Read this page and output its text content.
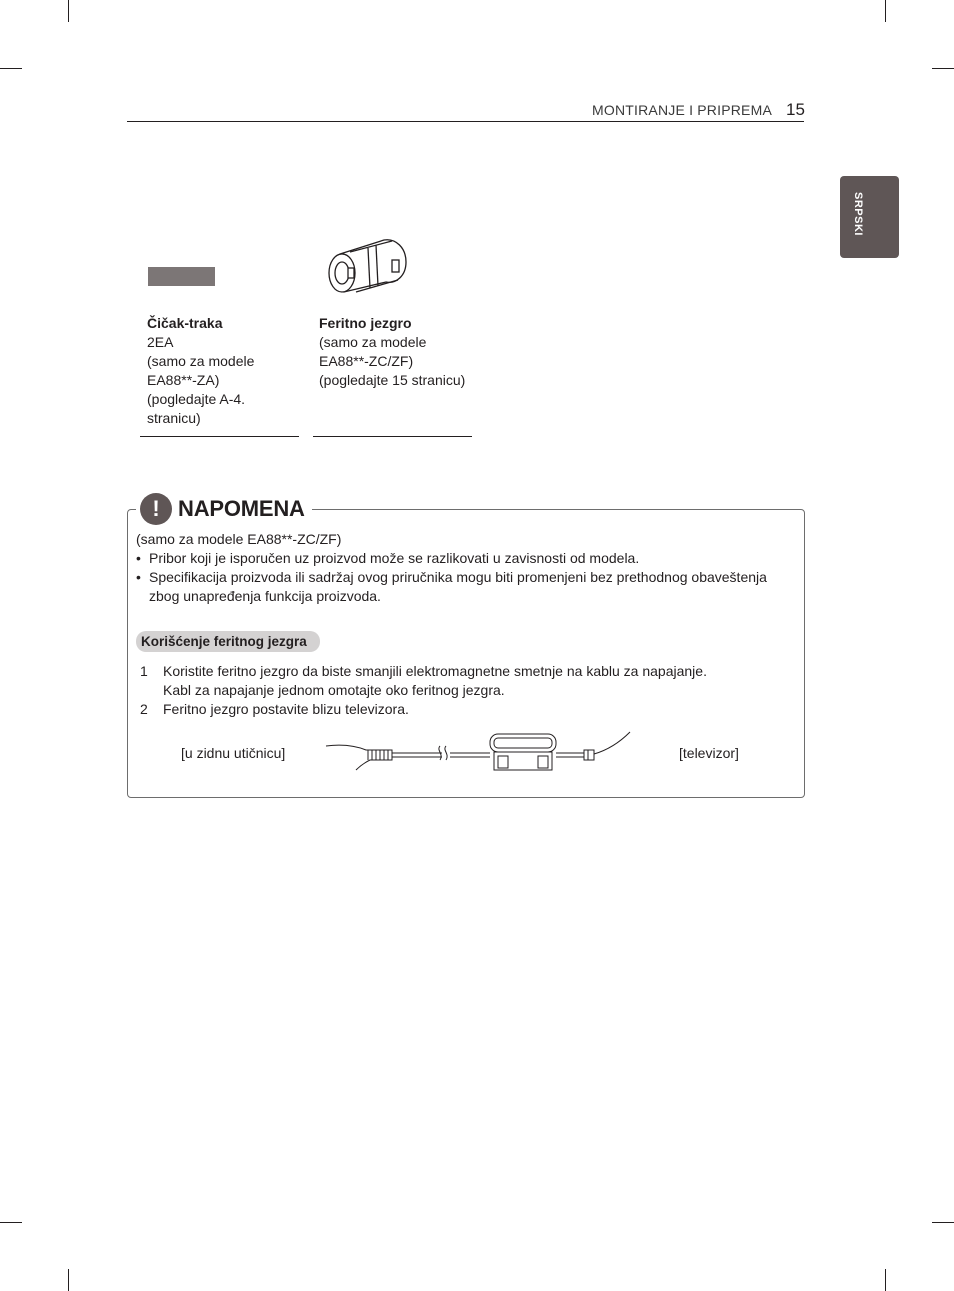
MONTIRANJE I PRIPREMA 15
SRPSKI
Čičak-traka
2EA
(samo za modele
EA88**-ZA)
(pogledajte A-4.
stranicu)
Feritno jezgro
(samo za modele
EA88**-ZC/ZF)
(pogledajte 15 stranicu)
! NAPOMENA
(samo za modele EA88**-ZC/ZF)
• Pribor koji je isporučen uz proizvod može se razlikovati u zavisnosti od modela.
• Specifikacija proizvoda ili sadržaj ovog priručnika mogu biti promenjeni bez prethodnog obaveštenja
zbog unapređenja funkcija proizvoda.
Korišćenje feritnog jezgra
1 Koristite feritno jezgro da biste smanjili elektromagnetne smetnje na kablu za napajanje.
Kabl za napajanje jednom omotajte oko feritnog jezgra.
2 Feritno jezgro postavite blizu televizora.
[u zidnu utičnicu]	[televizor]
